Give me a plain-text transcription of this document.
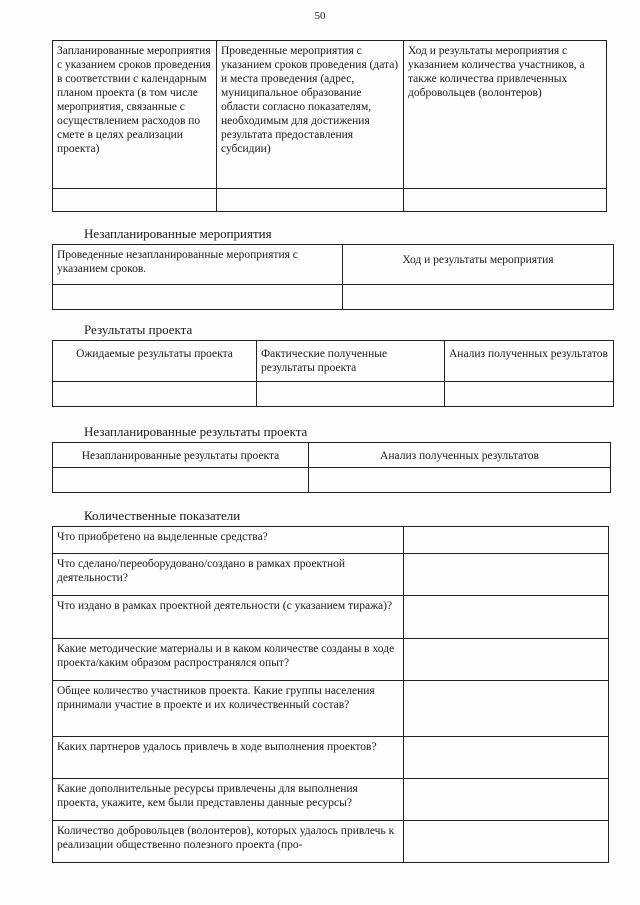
50
Запланированные мероприятия с указанием сроков проведения в соответствии с календарным планом проекта (в том числе мероприятия, связанные с осуществлением расходов по смете в целях реализации проекта)	Проведенные мероприятия с указанием сроков проведения (дата) и места проведения (адрес, муниципальное образование области согласно показателям, необходимым для достижения результата предоставления субсидии)	Ход и результаты мероприятия с указанием количества участников, а также количества привлеченных добровольцев (волонтеров)

Незапланированные мероприятия
Проведенные незапланированные мероприятия с указанием сроков.	Ход и результаты мероприятия

Результаты проекта
Ожидаемые результаты проекта	Фактические полученные результаты проекта	Анализ полученных результатов

Незапланированные результаты проекта
Незапланированные результаты проекта	Анализ полученных результатов

Количественные показатели
Что приобретено на выделенные средства?	
Что сделано/переоборудовано/создано в рамках проектной деятельности?	
Что издано в рамках проектной деятельности (с указанием тиража)?	
Какие методические материалы и в каком количестве созданы в ходе проекта/каким образом распространялся опыт?	
Общее количество участников проекта. Какие группы населения принимали участие в проекте и их количественный состав?	
Каких партнеров удалось привлечь в ходе выполнения проектов?	
Какие дополнительные ресурсы привлечены для выполнения проекта, укажите, кем были представлены данные ресурсы?	
Количество добровольцев (волонтеров), которых удалось привлечь к реализации общественно полезного проекта (про-	
